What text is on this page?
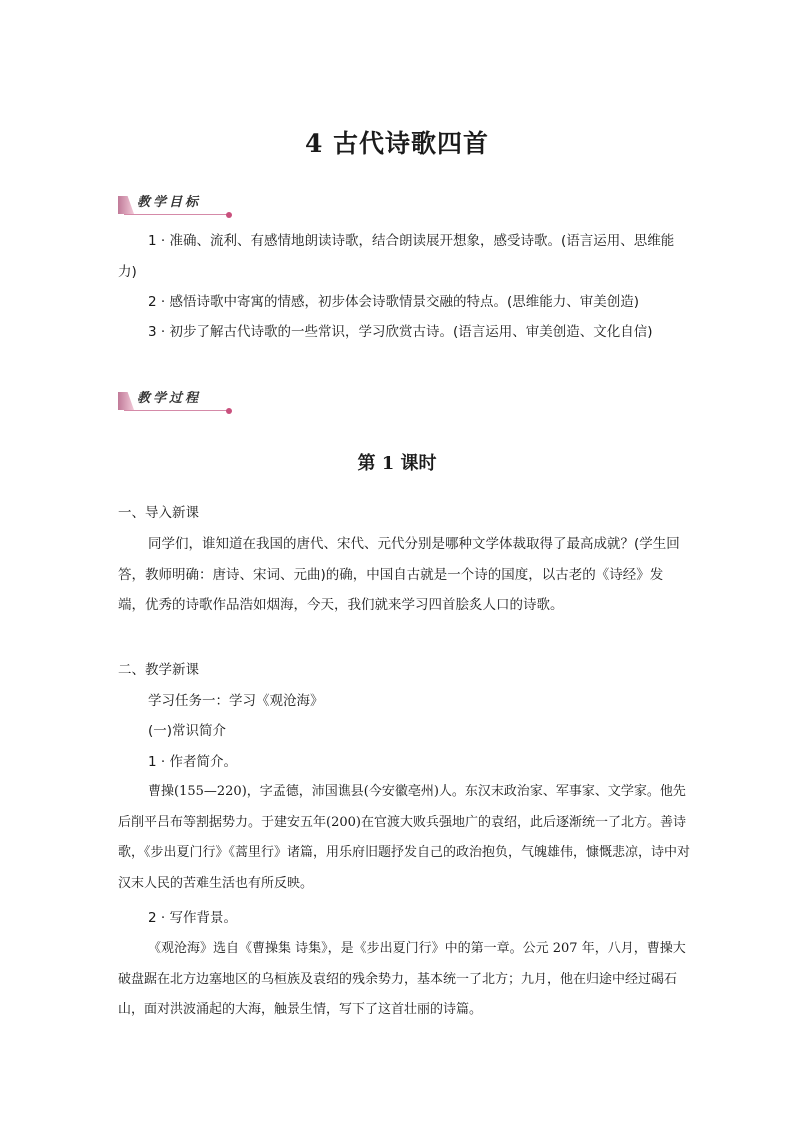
4 古代诗歌四首
教学目标

1 · 准确、流利、有感情地朗读诗歌，结合朗读展开想象，感受诗歌。(语言运用、思维能力)

2 · 感悟诗歌中寄寓的情感，初步体会诗歌情景交融的特点。(思维能力、审美创造)

3 · 初步了解古代诗歌的一些常识，学习欣赏古诗。(语言运用、审美创造、文化自信)

教学过程
第 1 课时

一、导入新课

同学们，谁知道在我国的唐代、宋代、元代分别是哪种文学体裁取得了最高成就？(学生回答，教师明确：唐诗、宋词、元曲)的确，中国自古就是一个诗的国度，以古老的《诗经》发端，优秀的诗歌作品浩如烟海，今天，我们就来学习四首脍炙人口的诗歌。

二、教学新课

学习任务一：学习《观沧海》

(一)常识简介

1 · 作者简介。

曹操(155—220)，字孟德，沛国谯县(今安徽亳州)人。东汉末政治家、军事家、文学家。他先后削平吕布等割据势力。于建安五年(200)在官渡大败兵强地广的袁绍，此后逐渐统一了北方。善诗歌，《步出夏门行》《蒿里行》诸篇，用乐府旧题抒发自己的政治抱负，气魄雄伟，慷慨悲凉，诗中对汉末人民的苦难生活也有所反映。

2 · 写作背景。

《观沧海》选自《曹操集 诗集》，是《步出夏门行》中的第一章。公元 207 年，八月，曹操大破盘踞在北方边塞地区的乌桓族及袁绍的残余势力，基本统一了北方；九月，他在归途中经过碣石山，面对洪波涌起的大海，触景生情，写下了这首壮丽的诗篇。
